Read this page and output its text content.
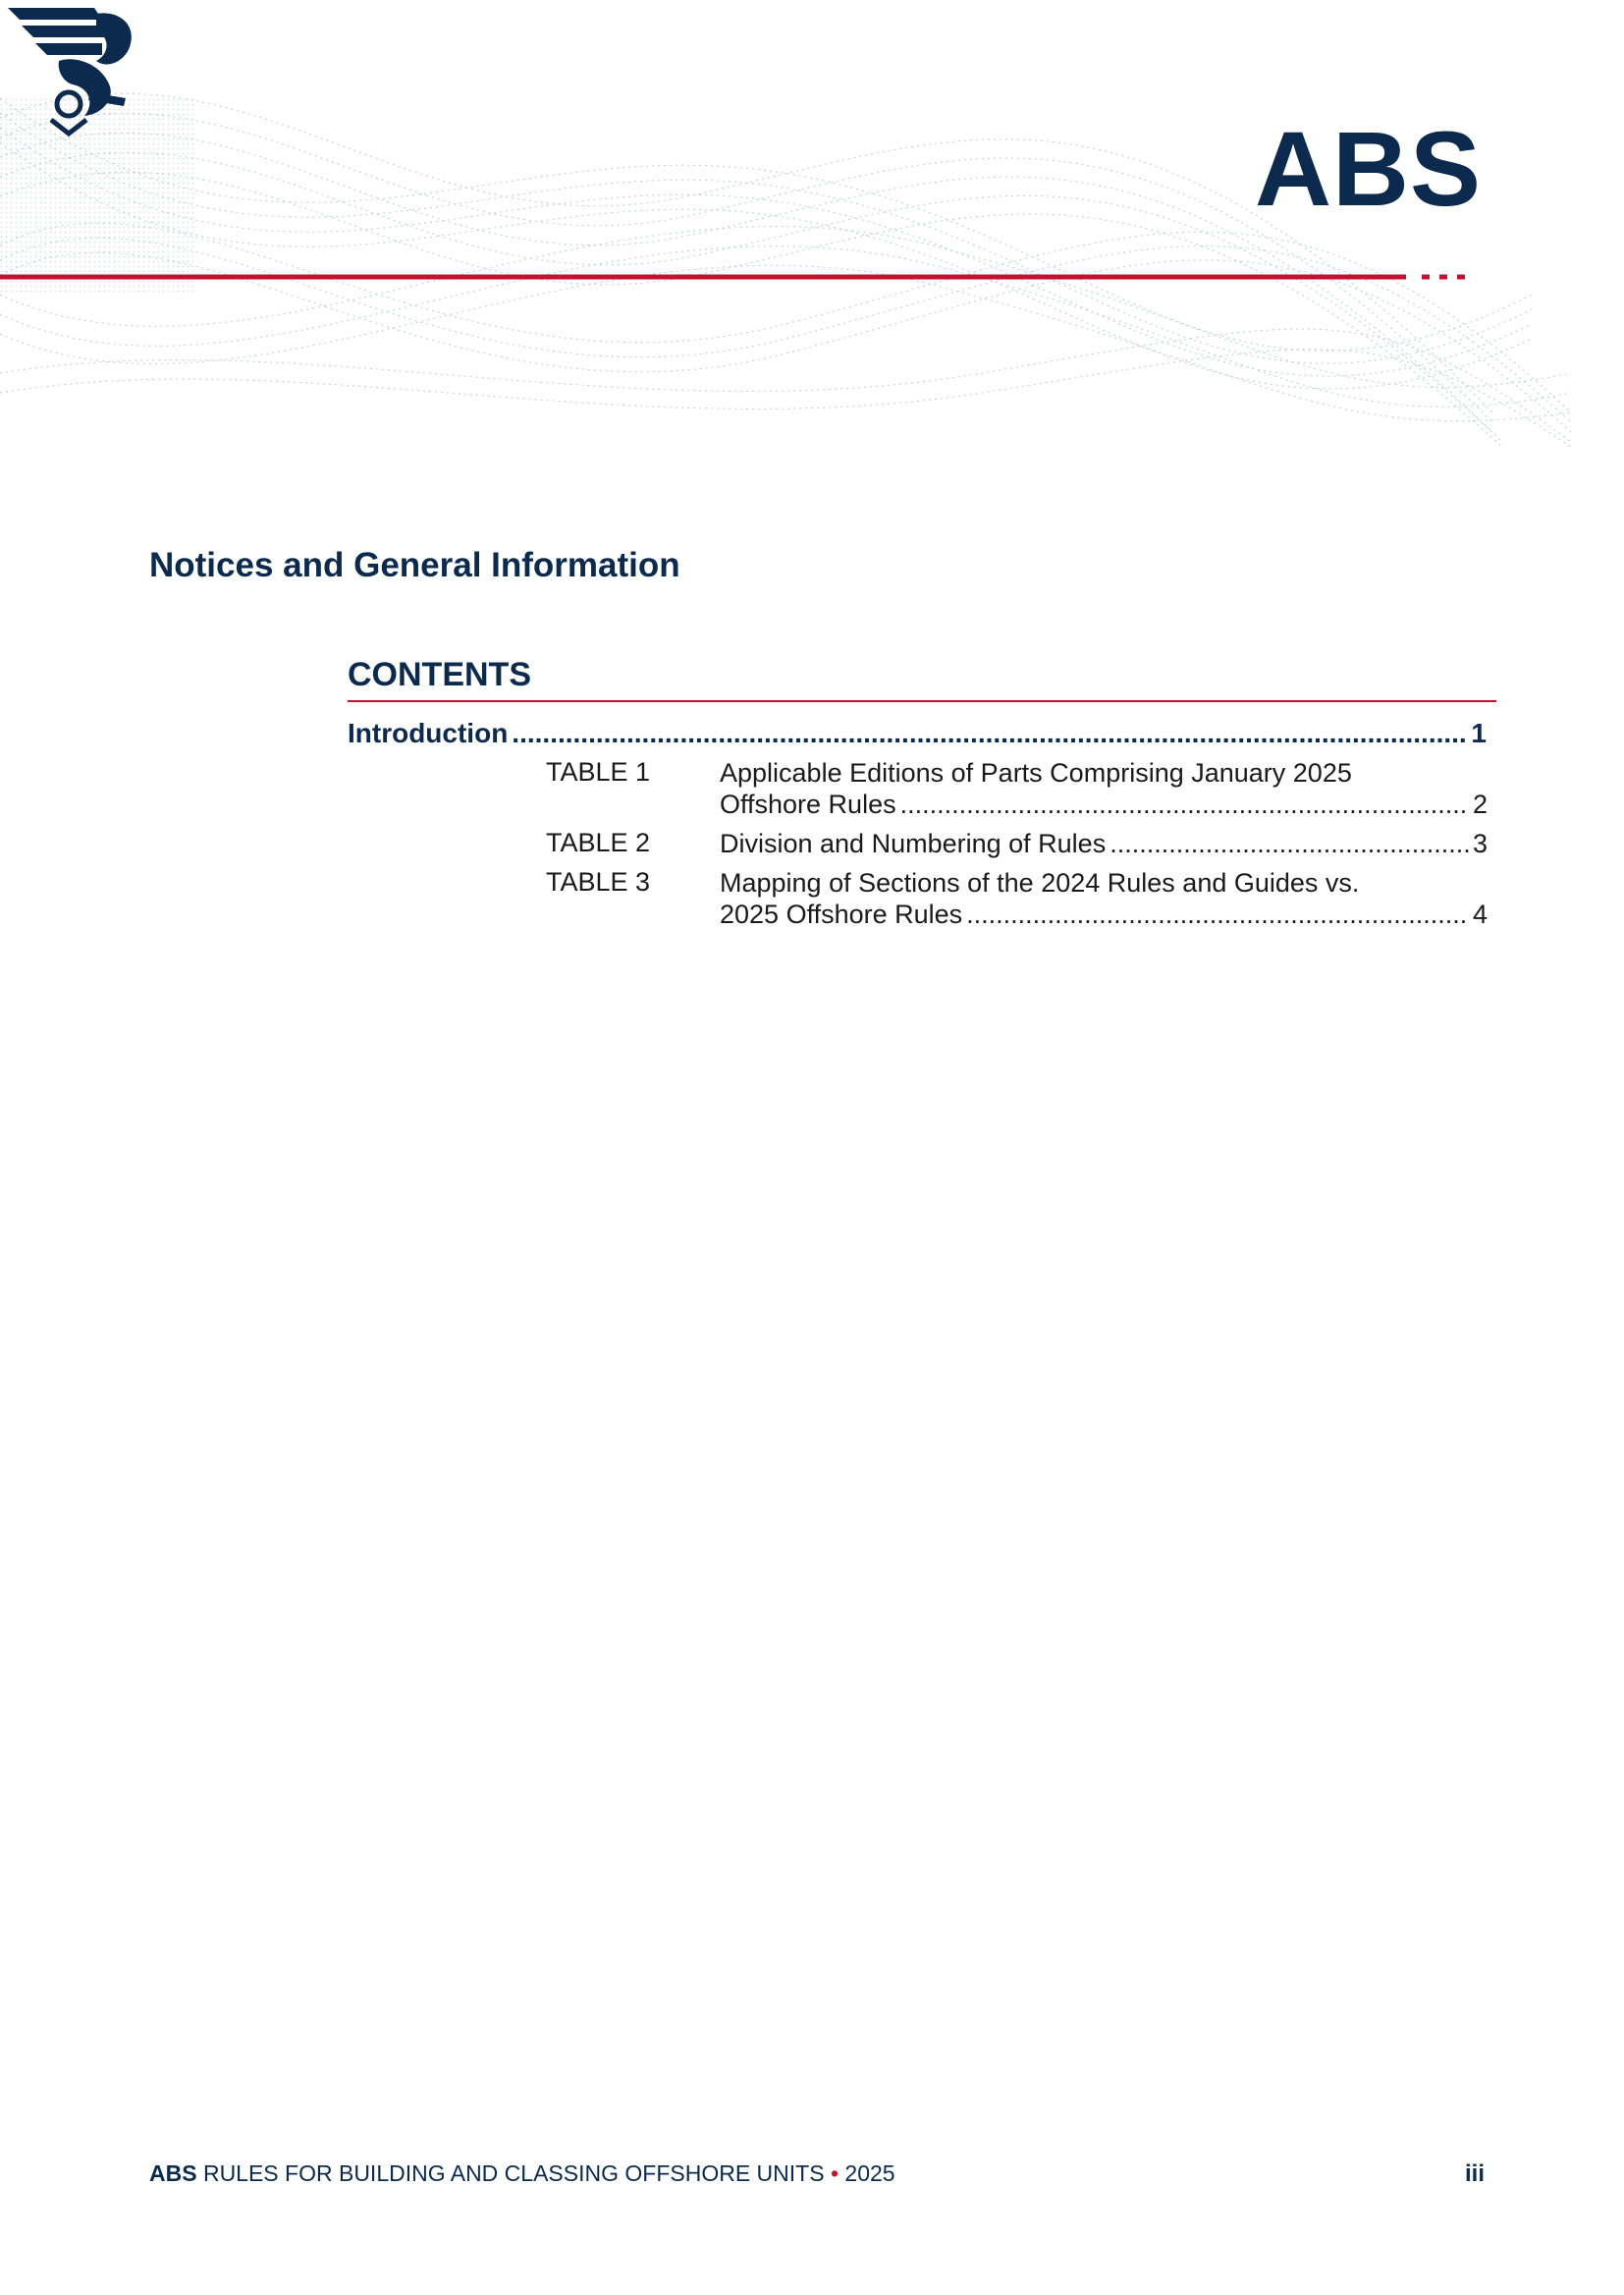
ABS
Notices and General Information
CONTENTS
Introduction .....	1
TABLE 1	Applicable Editions of Parts Comprising January 2025
Offshore Rules .....	2
TABLE 2	Division and Numbering of Rules .....	3
TABLE 3	Mapping of Sections of the 2024 Rules and Guides vs.
2025 Offshore Rules .....	4
ABS RULES FOR BUILDING AND CLASSING OFFSHORE UNITS • 2025	iii
